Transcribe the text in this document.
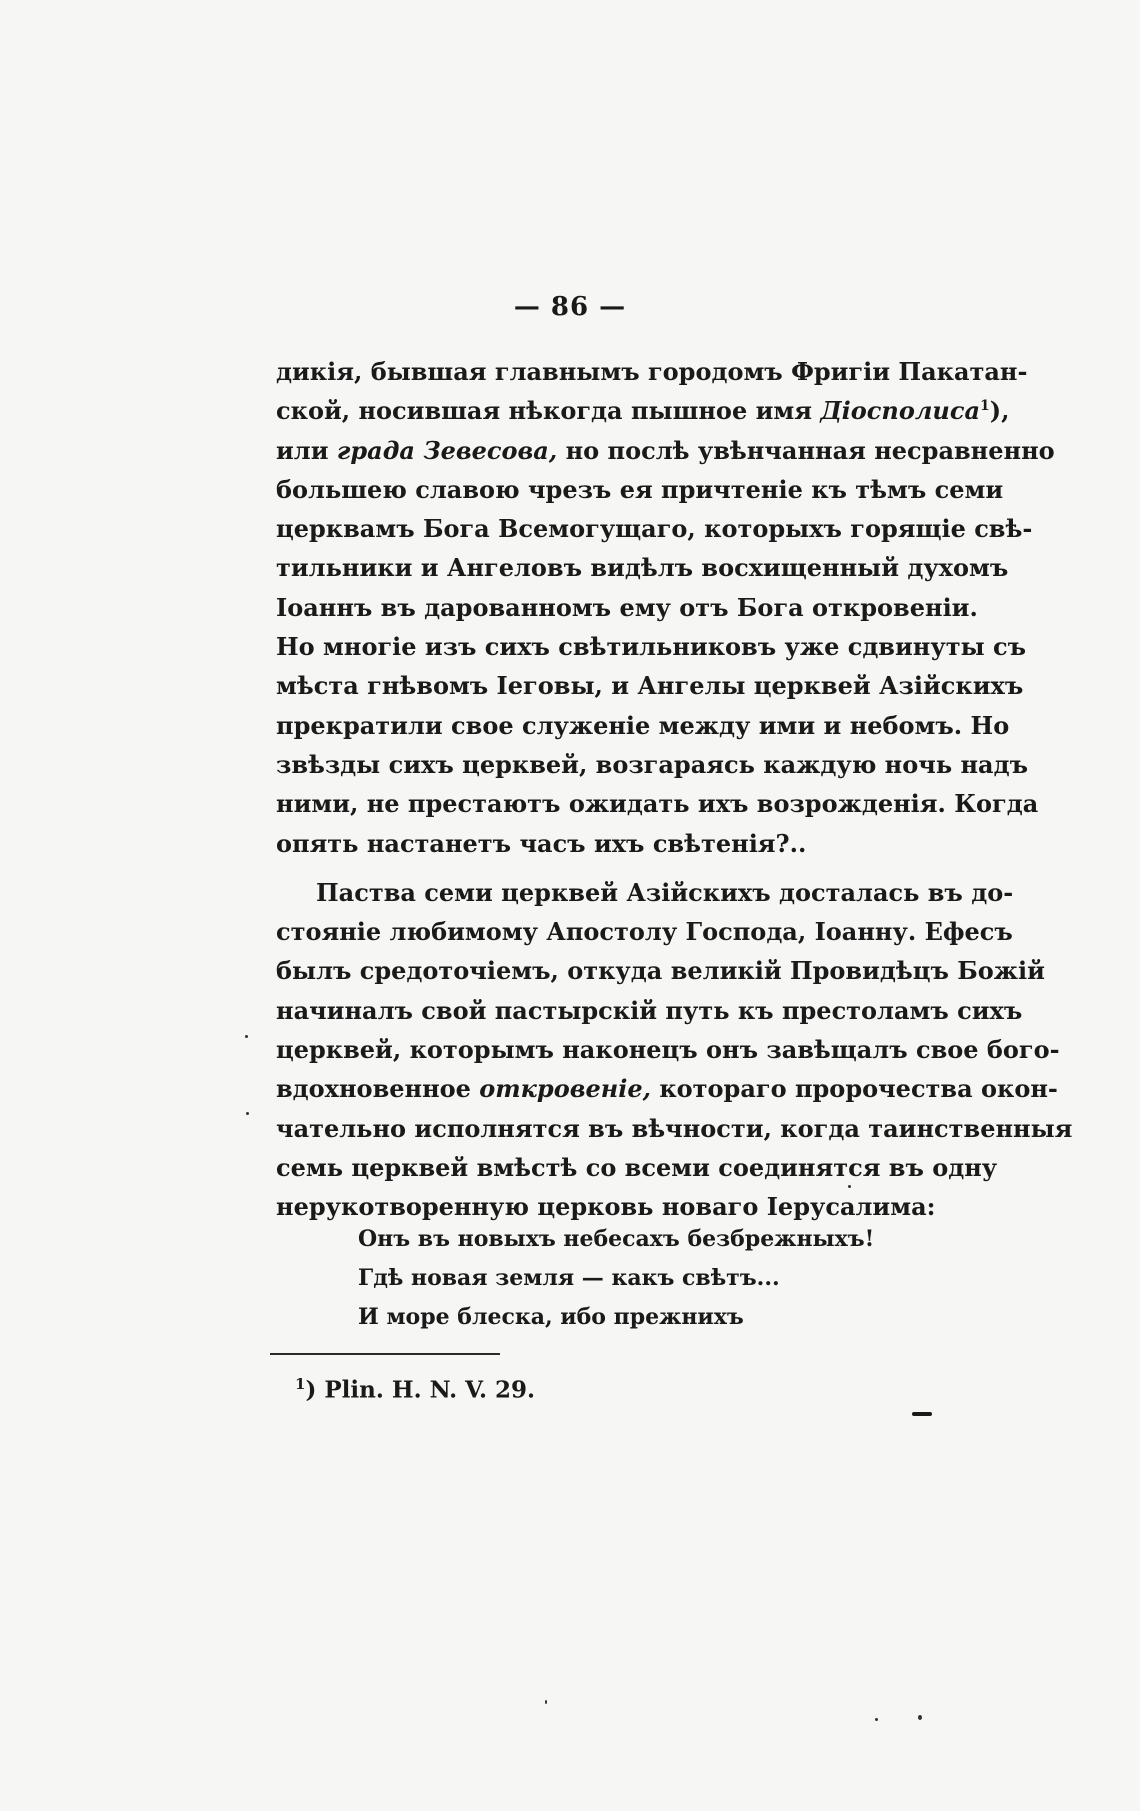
— 86 —
дикія, бывшая главнымъ городомъ Фригіи Пакатан-
ской, носившая нѣкогда пышное имя Діосполиса$^1$),
или града Зевесова, но послѣ увѣнчанная несравненно
большею славою чрезъ ея причтеніе къ тѣмъ семи
церквамъ Бога Всемогущаго, которыхъ горящіе свѣ-
тильники и Ангеловъ видѣлъ восхищенный духомъ
Іоаннъ въ дарованномъ ему отъ Бога откровеніи.
Но многіе изъ сихъ свѣтильниковъ уже сдвинуты съ
мѣста гнѣвомъ Іеговы, и Ангелы церквей Азійскихъ
прекратили свое служеніе между ими и небомъ. Но
звѣзды сихъ церквей, возгараясь каждую ночь надъ
ними, не престаютъ ожидать ихъ возрожденія. Когда
опять настанетъ часъ ихъ свѣтенія?..
Паства семи церквей Азійскихъ досталась въ до-
стояніе любимому Апостолу Господа, Іоанну. Ефесъ
былъ средоточіемъ, откуда великій Провидѣцъ Божій
начиналъ свой пастырскій путь къ престоламъ сихъ
церквей, которымъ наконецъ онъ завѣщалъ свое бого-
вдохновенное откровеніе, котораго пророчества окон-
чательно исполнятся въ вѣчности, когда таинственныя
семь церквей вмѣстѣ со всеми соединятся въ одну
нерукотворенную церковь новаго Іерусалима:
Онъ въ новыхъ небесахъ безбрежныхъ!
Гдѣ новая земля — какъ свѣтъ...
И море блеска, ибо прежнихъ
$^1$) Plin. H. N. V. 29.
